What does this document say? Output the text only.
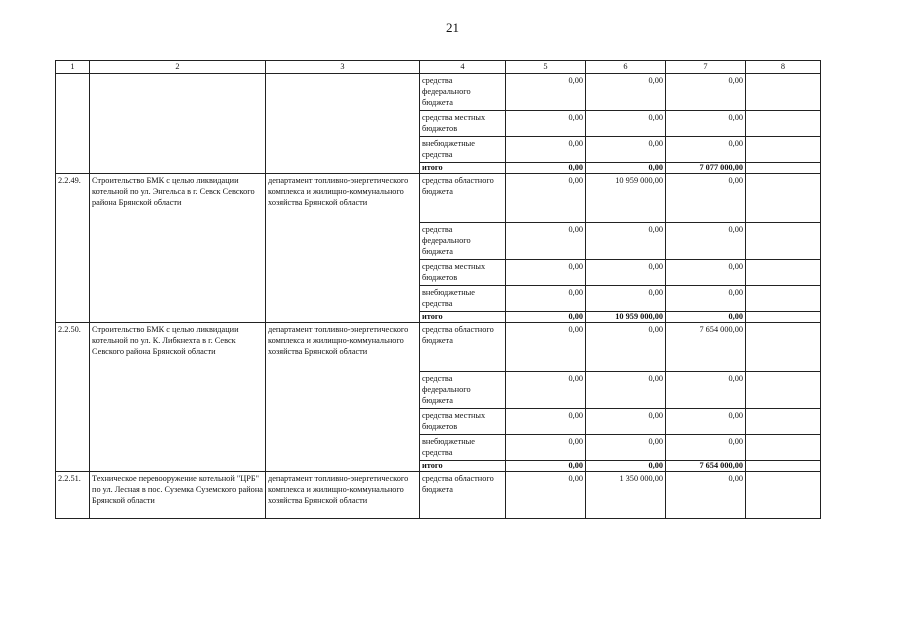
21
1	2	3	4	5	6	7	8
			средства федерального бюджета	0,00	0,00	0,00	
			средства местных бюджетов	0,00	0,00	0,00	
			внебюджетные средства	0,00	0,00	0,00	
			итого	0,00	0,00	7 077 000,00	
2.2.49.	Строительство БМК с целью ликвидации котельной по ул. Энгельса в г. Севск Севского района Брянской области	департамент топливно-энергетического комплекса и жилищно-коммунального хозяйства Брянской области	средства областного бюджета	0,00	10 959 000,00	0,00	
			средства федерального бюджета	0,00	0,00	0,00	
			средства местных бюджетов	0,00	0,00	0,00	
			внебюджетные средства	0,00	0,00	0,00	
			итого	0,00	10 959 000,00	0,00	
2.2.50.	Строительство БМК с целью ликвидации котельной по ул. К. Либкнехта в г. Севск Севского района Брянской области	департамент топливно-энергетического комплекса и жилищно-коммунального хозяйства Брянской области	средства областного бюджета	0,00	0,00	7 654 000,00	
			средства федерального бюджета	0,00	0,00	0,00	
			средства местных бюджетов	0,00	0,00	0,00	
			внебюджетные средства	0,00	0,00	0,00	
			итого	0,00	0,00	7 654 000,00	
2.2.51.	Техническое перевооружение котельной "ЦРБ" по ул. Лесная в пос. Суземка Суземского района Брянской области	департамент топливно-энергетического комплекса и жилищно-коммунального хозяйства Брянской области	средства областного бюджета	0,00	1 350 000,00	0,00	
